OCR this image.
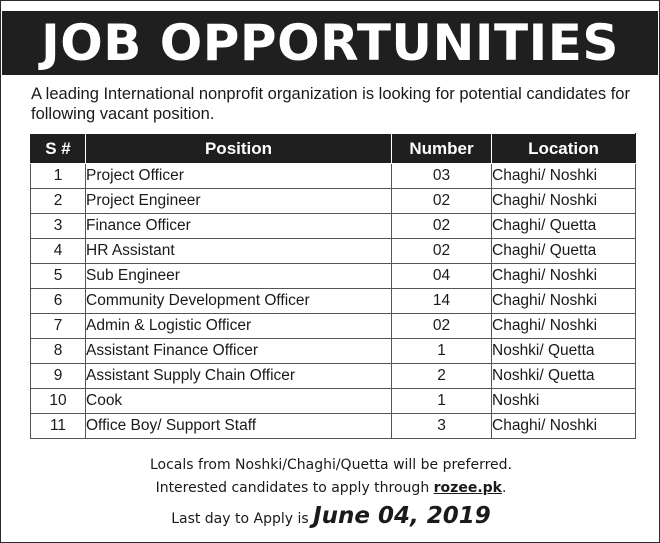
JOB OPPORTUNITIES
A leading International nonprofit organization is looking for potential candidates for following vacant position.
S #	Position	Number	Location
1	Project Officer	03	Chaghi/ Noshki
2	Project Engineer	02	Chaghi/ Noshki
3	Finance Officer	02	Chaghi/ Quetta
4	HR Assistant	02	Chaghi/ Quetta
5	Sub Engineer	04	Chaghi/ Noshki
6	Community Development Officer	14	Chaghi/ Noshki
7	Admin & Logistic Officer	02	Chaghi/ Noshki
8	Assistant Finance Officer	1	Noshki/ Quetta
9	Assistant Supply Chain Officer	2	Noshki/ Quetta
10	Cook	1	Noshki
11	Office Boy/ Support Staff	3	Chaghi/ Noshki
Locals from Noshki/Chaghi/Quetta will be preferred.
Interested candidates to apply through rozee.pk.
Last day to Apply is June 04, 2019
